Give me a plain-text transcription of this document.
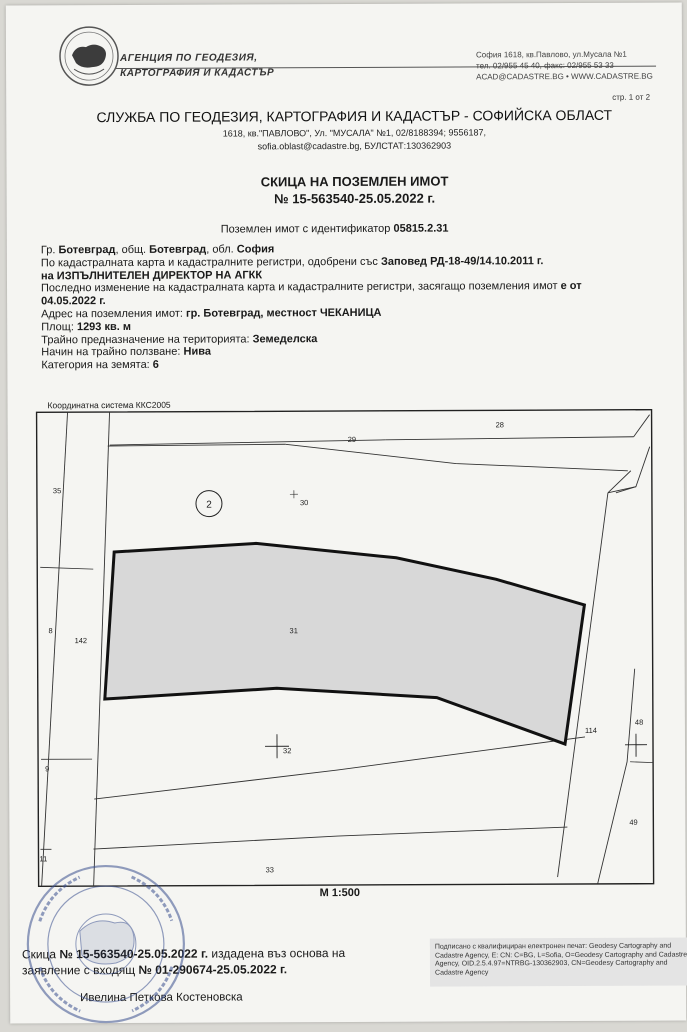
АГЕНЦИЯ ПО ГЕОДЕЗИЯ,
КАРТОГРАФИЯ И КАДАСТЪР
София 1618, кв.Павлово, ул.Мусала №1
тел. 02/955 45 40, факс: 02/955 53 33
ACAD@CADASTRE.BG • WWW.CADASTRE.BG
стр. 1 от 2
СЛУЖБА ПО ГЕОДЕЗИЯ, КАРТОГРАФИЯ И КАДАСТЪР - СОФИЙСКА ОБЛАСТ
1618, кв."ПАВЛОВО", Ул. "МУСАЛА" №1, 02/8188394; 9556187,
sofia.oblast@cadastre.bg, БУЛСТАТ:130362903
СКИЦА НА ПОЗЕМЛЕН ИМОТ
№ 15-563540-25.05.2022 г.
Поземлен имот с идентификатор 05815.2.31
Гр. Ботевград, общ. Ботевград, обл. София
По кадастралната карта и кадастралните регистри, одобрени със Заповед РД-18-49/14.10.2011 г.
на ИЗПЪЛНИТЕЛЕН ДИРЕКТОР НА АГКК
Последно изменение на кадастралната карта и кадастралните регистри, засягащо поземления имот е от
04.05.2022 г.
Адрес на поземления имот: гр. Ботевград, местност ЧЕКАНИЦА
Площ: 1293 кв. м
Трайно предназначение на територията: Земеделска
Начин на трайно ползване: Нива
Категория на земята: 6
Координатна система ККС2005
2
28
29
30
31
32
33
35
8
142
9
11
114
48
49
M 1:500
Подписано с квалифициран електронен печат: Geodesy Cartography and Cadastre Agency, E: CN: C=BG, L=Sofia, O=Geodesy Cartography and Cadastre Agency, OID.2.5.4.97=NTRBG-130362903, CN=Geodesy Cartography and Cadastre Agency
Скица № 15-563540-25.05.2022 г. издадена въз основа на
заявление с входящ № 01-290674-25.05.2022 г.
Ивелина Петкова Костеновска
